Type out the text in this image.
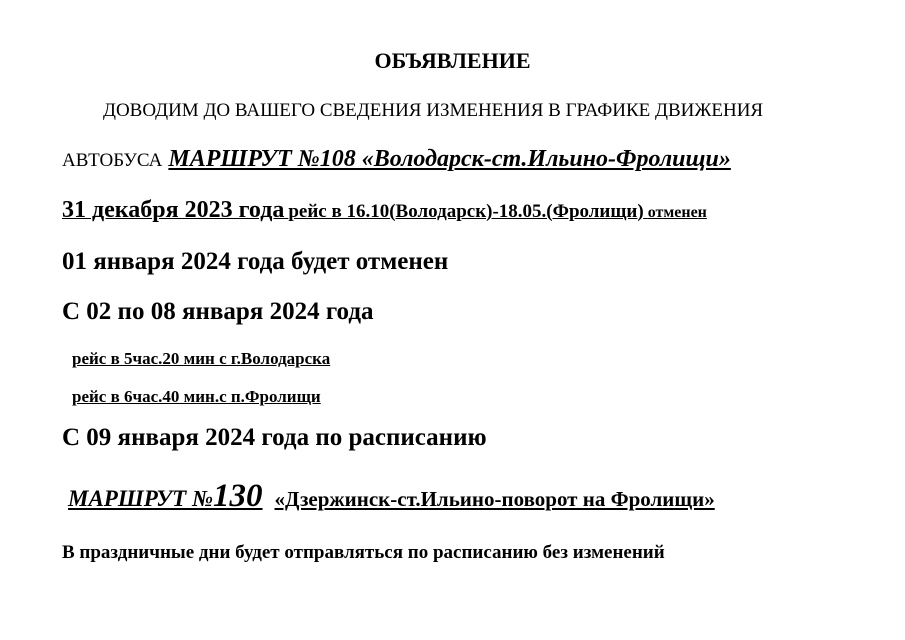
ОБЪЯВЛЕНИЕ
ДОВОДИМ ДО ВАШЕГО СВЕДЕНИЯ ИЗМЕНЕНИЯ В ГРАФИКЕ ДВИЖЕНИЯ
АВТОБУСА МАРШРУТ №108 «Володарск-ст.Ильино-Фролищи»
31 декабря 2023 года рейс в 16.10(Володарск)-18.05.(Фролищи) отменен
01 января 2024 года будет отменен
С 02 по 08 января 2024 года
рейс в 5час.20 мин с г.Володарска
рейс в 6час.40 мин.с п.Фролищи
С 09 января 2024 года по расписанию
МАРШРУТ №130 «Дзержинск-ст.Ильино-поворот на Фролищи»
В праздничные дни будет отправляться по расписанию без изменений
